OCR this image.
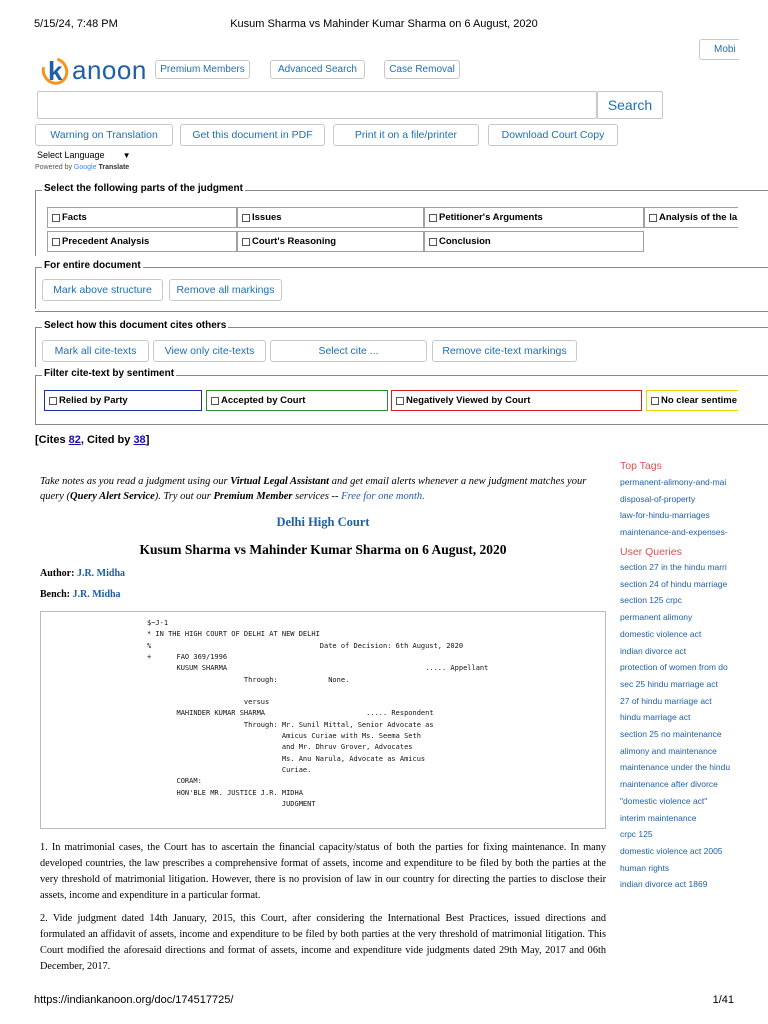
5/15/24, 7:48 PM	Kusum Sharma vs Mahinder Kumar Sharma on 6 August, 2020
k anoon	Premium Members	Advanced Search	Case Removal
Mobi
Search
Warning on Translation	Get this document in PDF	Print it on a file/printer	Download Court Copy
Select Language ▼
Powered by Google Translate
Select the following parts of the judgment
Facts	Issues	Petitioner's Arguments	Analysis of the la
Precedent Analysis	Court's Reasoning	Conclusion
For entire document
Mark above structure	Remove all markings
Select how this document cites others
Mark all cite-texts	View only cite-texts	Select cite ...	Remove cite-text markings
Filter cite-text by sentiment
Relied by Party	Accepted by Court	Negatively Viewed by Court	No clear sentime
[Cites 82, Cited by 38]
Take notes as you read a judgment using our Virtual Legal Assistant and get email alerts whenever a new judgment matches your query (Query Alert Service). Try out our Premium Member services -- Free for one month.
Delhi High Court
Kusum Sharma vs Mahinder Kumar Sharma on 6 August, 2020
Author: J.R. Midha
Bench: J.R. Midha
$~J-1
* IN THE HIGH COURT OF DELHI AT NEW DELHI
%                                        Date of Decision: 6th August, 2020
+      FAO 369/1996
KUSUM SHARMA                                               ..... Appellant
Through:            None.
versus
MAHINDER KUMAR SHARMA                        ..... Respondent
Through: Mr. Sunil Mittal, Senior Advocate as
Amicus Curiae with Ms. Seema Seth
and Mr. Dhruv Grover, Advocates
Ms. Anu Narula, Advocate as Amicus
Curiae.
CORAM:
HON'BLE MR. JUSTICE J.R. MIDHA
JUDGMENT
1. In matrimonial cases, the Court has to ascertain the financial capacity/status of both the parties for fixing maintenance. In many developed countries, the law prescribes a comprehensive format of assets, income and expenditure to be filed by both the parties at the very threshold of matrimonial litigation. However, there is no provision of law in our country for directing the parties to disclose their assets, income and expenditure in a particular format.
2. Vide judgment dated 14th January, 2015, this Court, after considering the International Best Practices, issued directions and formulated an affidavit of assets, income and expenditure to be filed by both parties at the very threshold of matrimonial litigation. This Court modified the aforesaid directions and format of assets, income and expenditure vide judgments dated 29th May, 2017 and 06th December, 2017.
Top Tags
permanent-alimony-and-mai
disposal-of-property
law-for-hindu-marriages
maintenance-and-expenses-
User Queries
section 27 in the hindu marri
section 24 of hindu marriage
section 125 crpc
permanent alimony
domestic violence act
indian divorce act
protection of women from do
sec 25 hindu marriage act
27 of hindu marriage act
hindu marriage act
section 25 no maintenance
alimony and maintenance
maintenance under the hindu
maintenance after divorce
"domestic violence act"
interim maintenance
crpc 125
domestic violence act 2005
human rights
indian divorce act 1869
https://indiankanoon.org/doc/174517725/	1/41
